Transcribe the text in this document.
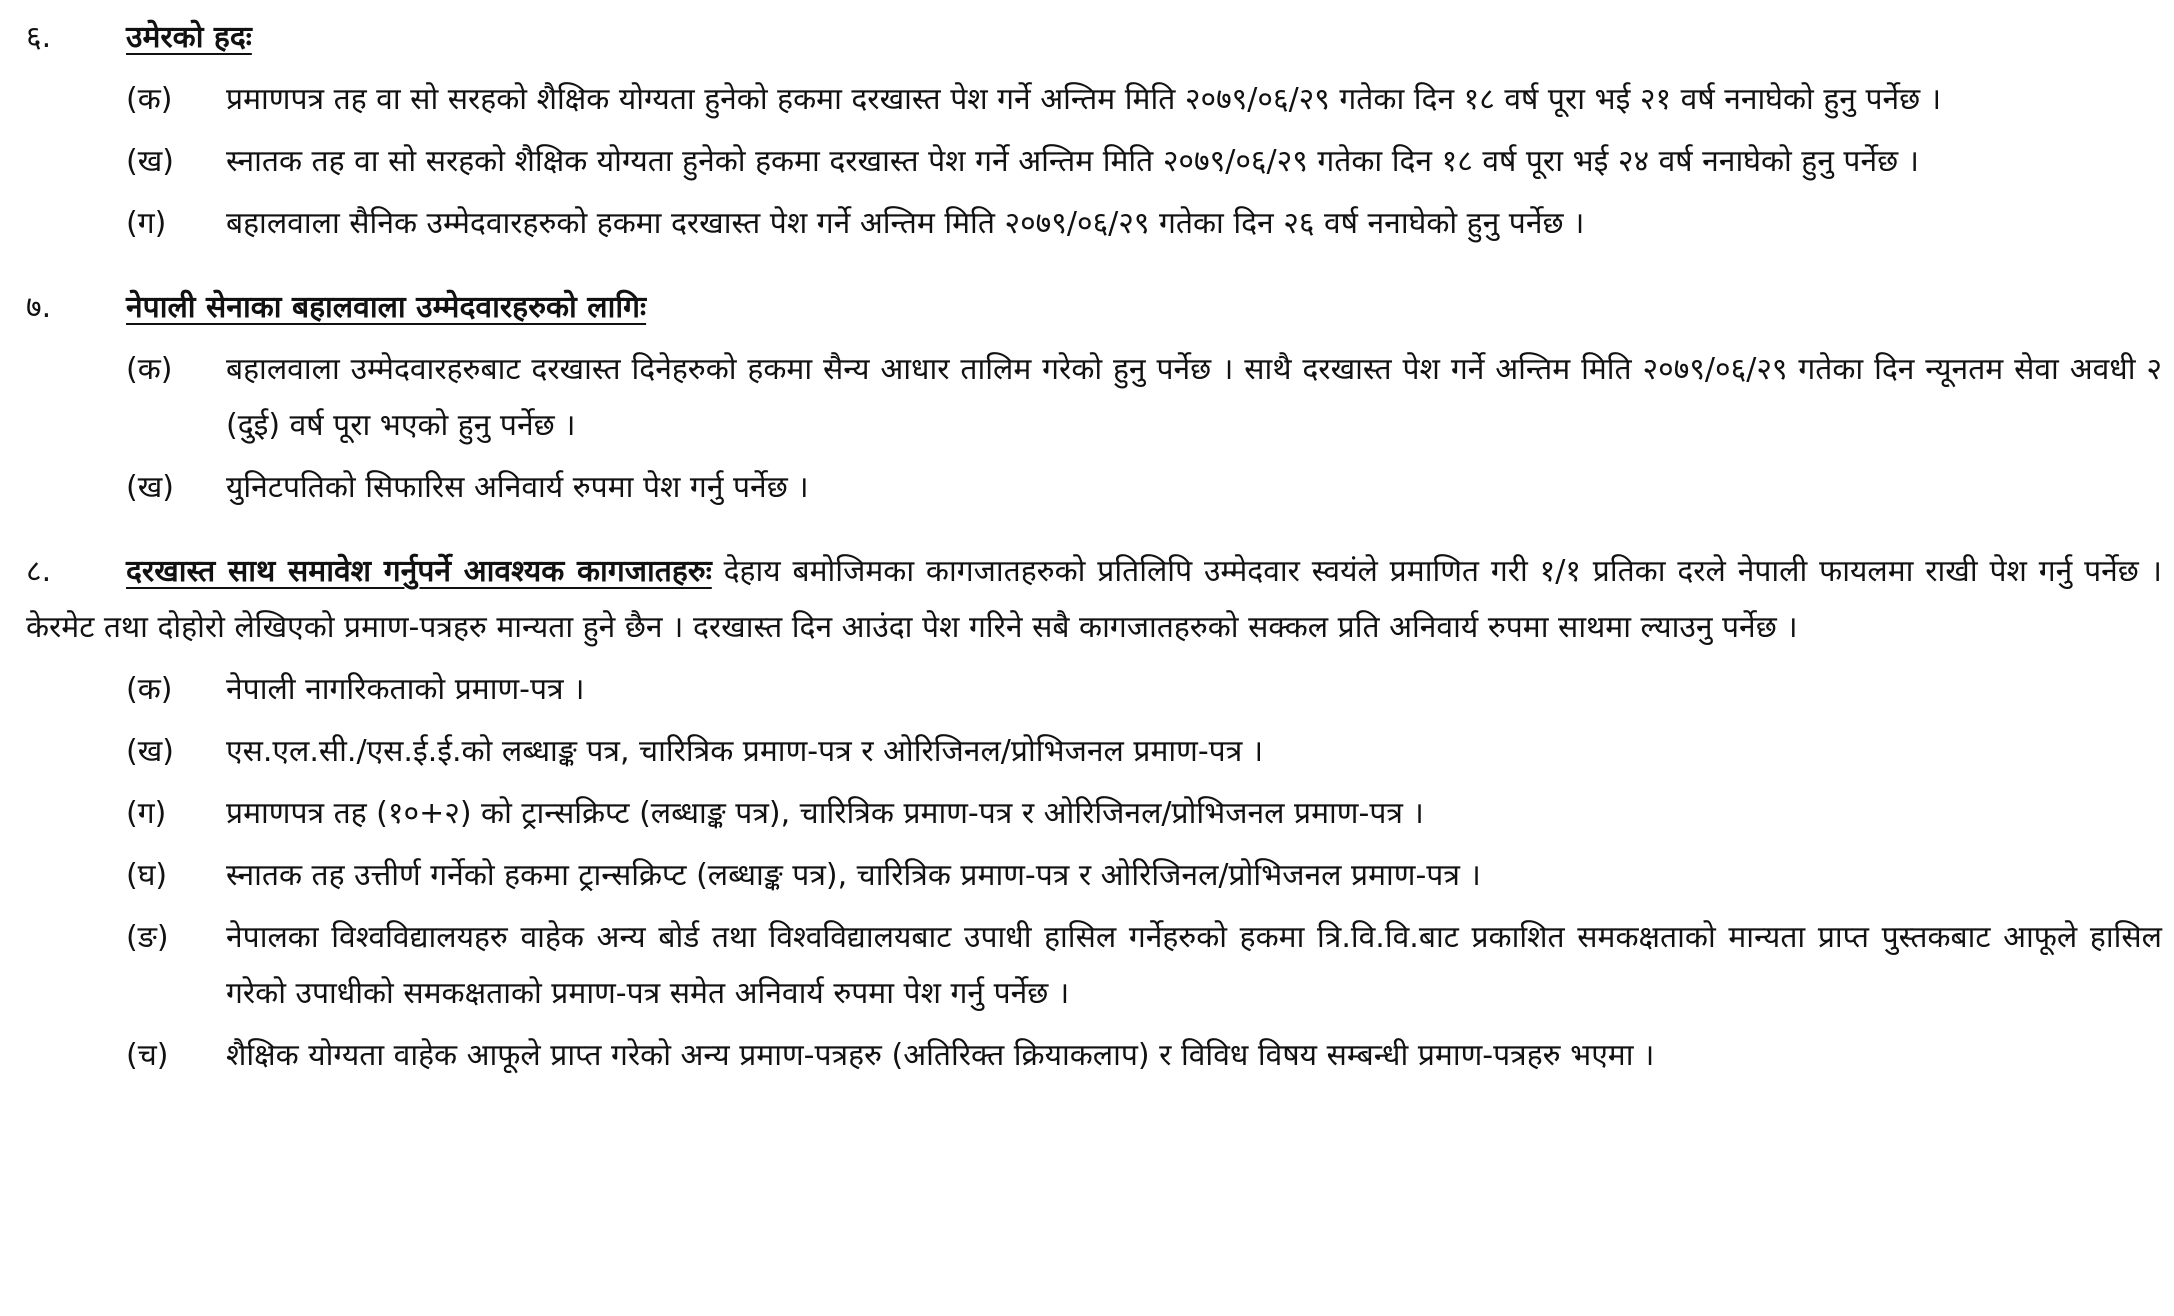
६.	उमेरको हदः
(क)	प्रमाणपत्र तह वा सो सरहको शैक्षिक योग्यता हुनेको हकमा दरखास्त पेश गर्ने अन्तिम मिति २०७९/०६/२९ गतेका दिन १८ वर्ष पूरा भई २१ वर्ष ननाघेको हुनु पर्नेछ ।
(ख)	स्नातक तह वा सो सरहको शैक्षिक योग्यता हुनेको हकमा दरखास्त पेश गर्ने अन्तिम मिति २०७९/०६/२९ गतेका दिन १८ वर्ष पूरा भई २४ वर्ष ननाघेको हुनु पर्नेछ ।
(ग)	बहालवाला सैनिक उम्मेदवारहरुको हकमा दरखास्त पेश गर्ने अन्तिम मिति २०७९/०६/२९ गतेका दिन २६ वर्ष ननाघेको हुनु पर्नेछ ।
७.	नेपाली सेनाका बहालवाला उम्मेदवारहरुको लागिः
(क)	बहालवाला उम्मेदवारहरुबाट दरखास्त दिनेहरुको हकमा सैन्य आधार तालिम गरेको हुनु पर्नेछ । साथै दरखास्त पेश गर्ने अन्तिम मिति २०७९/०६/२९ गतेका दिन न्यूनतम सेवा अवधी २ (दुई) वर्ष पूरा भएको हुनु पर्नेछ ।
(ख)	युनिटपतिको सिफारिस अनिवार्य रुपमा पेश गर्नु पर्नेछ ।
८. दरखास्त साथ समावेश गर्नुपर्ने आवश्यक कागजातहरुः देहाय बमोजिमका कागजातहरुको प्रतिलिपि उम्मेदवार स्वयंले प्रमाणित गरी १/१ प्रतिका दरले नेपाली फायलमा राखी पेश गर्नु पर्नेछ । केरमेट तथा दोहोरो लेखिएको प्रमाण-पत्रहरु मान्यता हुने छैन । दरखास्त दिन आउंदा पेश गरिने सबै कागजातहरुको सक्कल प्रति अनिवार्य रुपमा साथमा ल्याउनु पर्नेछ ।
(क)	नेपाली नागरिकताको प्रमाण-पत्र ।
(ख)	एस.एल.सी./एस.ई.ई.को लब्धाङ्क पत्र, चारित्रिक प्रमाण-पत्र र ओरिजिनल/प्रोभिजनल प्रमाण-पत्र ।
(ग)	प्रमाणपत्र तह (१०+२) को ट्रान्सक्रिप्ट (लब्धाङ्क पत्र), चारित्रिक प्रमाण-पत्र र ओरिजिनल/प्रोभिजनल प्रमाण-पत्र ।
(घ)	स्नातक तह उत्तीर्ण गर्नेको हकमा ट्रान्सक्रिप्ट (लब्धाङ्क पत्र), चारित्रिक प्रमाण-पत्र र ओरिजिनल/प्रोभिजनल प्रमाण-पत्र ।
(ङ)	नेपालका विश्वविद्यालयहरु वाहेक अन्य बोर्ड तथा विश्वविद्यालयबाट उपाधी हासिल गर्नेहरुको हकमा त्रि.वि.वि.बाट प्रकाशित समकक्षताको मान्यता प्राप्त पुस्तकबाट आफूले हासिल गरेको उपाधीको समकक्षताको प्रमाण-पत्र समेत अनिवार्य रुपमा पेश गर्नु पर्नेछ ।
(च)	शैक्षिक योग्यता वाहेक आफूले प्राप्त गरेको अन्य प्रमाण-पत्रहरु (अतिरिक्त क्रियाकलाप) र विविध विषय सम्बन्धी प्रमाण-पत्रहरु भएमा ।
